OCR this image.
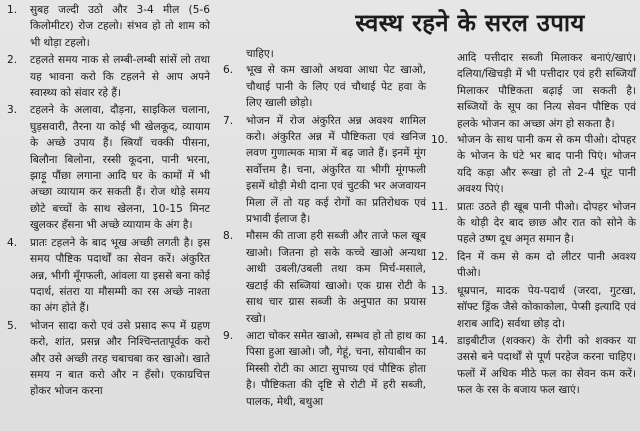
स्वस्थ रहने के सरल उपाय
1.	सुबह जल्दी उठो और 3-4 मील (5-6 किलोमीटर) रोज टहलो। संभव हो तो शाम को भी थोड़ा टहलो।
2.	टहलते समय नाक से लम्बी-लम्बी सांसें लो तथा यह भावना करो कि टहलने से आप अपने स्वास्थ्य को संवार रहे हैं।
3.	टहलने के अलावा, दौड़ना, साइकिल चलाना, घुड़सवारी, तैरना या कोई भी खेलकूद, व्यायाम के अच्छे उपाय हैं। स्त्रियाँ चक्की पीसना, बिलौना बिलोना, रस्सी कूदना, पानी भरना, झाड़ू पौंछा लगाना आदि घर के कामों में भी अच्छा व्यायाम कर सकती हैं। रोज थोड़े समय छोटे बच्चों के साथ खेलना, 10-15 मिनट खुलकर हँसना भी अच्छे व्यायाम के अंग है।
4.	प्रातः टहलने के बाद भूख अच्छी लगती है। इस समय पौष्टिक पदार्थों का सेवन करें। अंकुरित अन्न, भीगी मूँगफली, आंवला या इससे बना कोई पदार्थ, संतरा या मौसम्मी का रस अच्छे नाश्ता का अंग होते हैं।
5.	भोजन सादा करो एवं उसे प्रसाद रूप में ग्रहण करो, शांत, प्रसन्न और निश्चिन्ततापूर्वक करो और उसे अच्छी तरह चबाचबा कर खाओ। खाते समय न बात करो और न हँसो। एकाग्रचित्त होकर भोजन करना
चाहिए।
6.	भूख से कम खाओ अथवा आधा पेट खाओ, चौथाई पानी के लिए एवं चौथाई पेट हवा के लिए खाली छोड़ो।
7.	भोजन में रोज अंकुरित अन्न अवश्य शामिल करो। अंकुरित अन्न में पौष्टिकता एवं खनिज लवण गुणात्मक मात्रा में बढ़ जाते हैं। इनमें मूंग सर्वोत्तम है। चना, अंकुरित या भीगी मूंगफली इसमें थोड़ी मेथी दाना एवं चुटकी भर अजवायन मिला लें तो यह कई रोगों का प्रतिरोधक एवं प्रभावी ईलाज है।
8.	मौसम की ताजा हरी सब्जी और ताजे फल खूब खाओ। जितना हो सके कच्चे खाओ अन्यथा आधी उबली/उबली तथा कम मिर्च-मसाले, खटाई की सब्जियां खाओ। एक ग्रास रोटी के साथ चार ग्रास सब्जी के अनुपात का प्रयास रखो।
9.	आटा चोकर समेत खाओ, सम्भव हो तो हाथ का पिसा हुआ खाओ। जौ, गेहूं, चना, सोयाबीन का मिस्सी रोटी का आटा सुपाच्य एवं पौष्टिक होता है। पौष्टिकता की दृष्टि से रोटी में हरी सब्जी, पालक, मेथी, बथुआ
आदि पत्तीदार सब्जी मिलाकर बनाएं/खाएं। दलिया/खिचड़ी में भी पत्तीदार एवं हरी सब्जियाँ मिलाकर पौष्टिकता बढ़ाई जा सकती है। सब्जियों के सूप का नित्य सेवन पौष्टिक एवं हलके भोजन का अच्छा अंग हो सकता है।
10. भोजन के साथ पानी कम से कम पीओ। दोपहर के भोजन के घंटे भर बाद पानी पिएं। भोजन यदि कड़ा और रूखा हो तो 2-4 घूंट पानी अवश्य पिएं।
11. प्रातः उठते ही खूब पानी पीओ। दोपहर भोजन के थोड़ी देर बाद छाछ और रात को सोने के पहले उष्ण दूध अमृत समान है।
12. दिन में कम से कम दो लीटर पानी अवश्य पीओ।
13. धूम्रपान, मादक पेय-पदार्थ (जरदा, गुटखा, सॉफ्ट ड्रिंक जैसे कोकाकोला, पेप्सी इत्यादि एवं शराब आदि) सर्वथा छोड़ दो।
14. डाइबीटीज (शक्कर) के रोगी को शक्कर या उससे बने पदार्थों से पूर्ण परहेज करना चाहिए। फलों में अधिक मीठे फल का सेवन कम करें। फल के रस के बजाय फल खाएं।
